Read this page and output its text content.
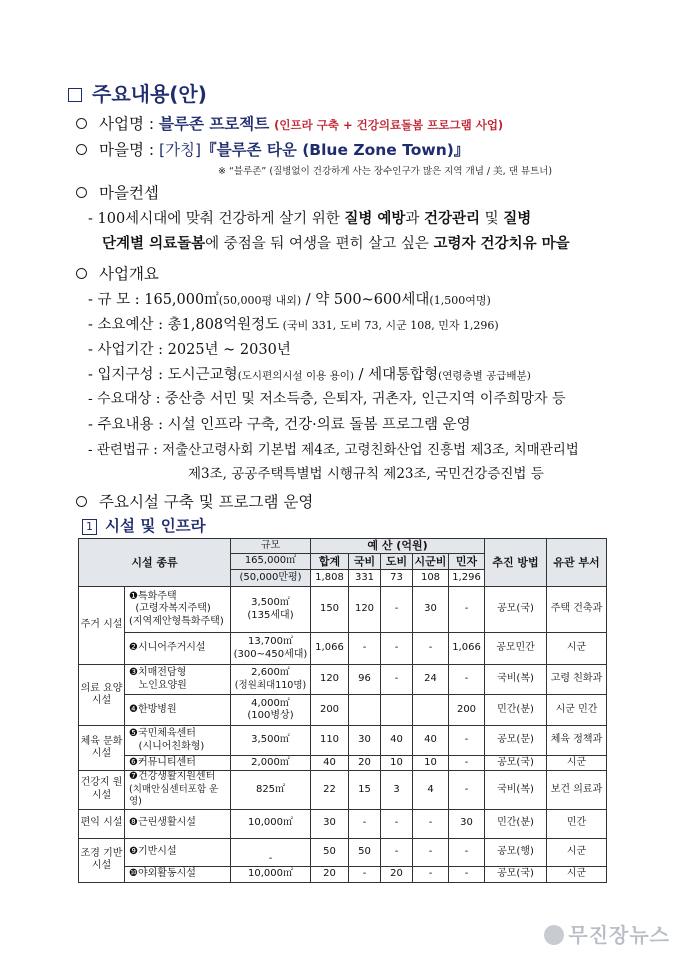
주요내용(안)
사업명 : 블루존 프로젝트 (인프라 구축 + 건강의료돌봄 프로그램 사업)
마을명 : [가칭]『블루존 타운 (Blue Zone Town)』
※ “블루존” (질병없이 건강하게 사는 장수인구가 많은 지역 개념 / 美, 댄 뷰트너)
마을컨셉
- 100세시대에 맞춰 건강하게 살기 위한 질병 예방과 건강관리 및 질병
단계별 의료돌봄에 중점을 둬 여생을 편히 살고 싶은 고령자 건강치유 마을
사업개요
- 규 모 : 165,000㎡(50,000평 내외) / 약 500~600세대(1,500여명)
- 소요예산 : 총1,808억원정도 (국비 331, 도비 73, 시군 108, 민자 1,296)
- 사업기간 : 2025년 ~ 2030년
- 입지구성 : 도시근교형(도시편의시설 이용 용이) / 세대통합형(연령층별 공급배분)
- 수요대상 : 중산층 서민 및 저소득층, 은퇴자, 귀촌자, 인근지역 이주희망자 등
- 주요내용 : 시설 인프라 구축, 건강·의료 돌봄 프로그램 운영
- 관련법규 : 저출산고령사회 기본법 제4조, 고령친화산업 진흥법 제3조, 치매관리법
제3조, 공공주택특별법 시행규칙 제23조, 국민건강증진법 등
주요시설 구축 및 프로그램 운영
1 시설 및 인프라
시설 종류		규모	예 산 (억원)					추진 방법	유관 부서
		165,000㎡	합계	국비	도비	시군비	민자		
		(50,000만평)	1,808	331	73	108	1,296		
주거 시설	❶특화주택
(고령자복지주택)
(지역제안형특화주택)	3,500㎡
(135세대)	150	120	-	30	-	공모(국)	주택 건축과
	❷시니어주거시설	13,700㎡
(300~450세대)	1,066	-	-	-	1,066	공모민간	시군
의료 요양 시설	❸치매전담형
노인요양원	2,600㎡
(정원최대110명)	120	96	-	24	-	국비(복)	고령 친화과
	❹한방병원	4,000㎡
(100병상)	200				200	민간(분)	시군 민간
체육 문화 시설	❺국민체육센터
(시니어친화형)	3,500㎡	110	30	40	40	-	공모(문)	체육 정책과
	❻커뮤니티센터	2,000㎡	40	20	10	10	-	공모(국)	시군
건강지 원시설	❼건강생활지원센터
(치매안심센터포함 운영)	825㎡	22	15	3	4	-	국비(복)	보건 의료과
편익 시설	❽근린생활시설	10,000㎡	30	-	-	-	30	민간(분)	민간
조경 기반 시설	❾기반시설	-	50	50	-	-	-	공모(행)	시군
	❿야외활동시설	10,000㎡	20	-	20	-	-	공모(국)	시군
무진장뉴스
